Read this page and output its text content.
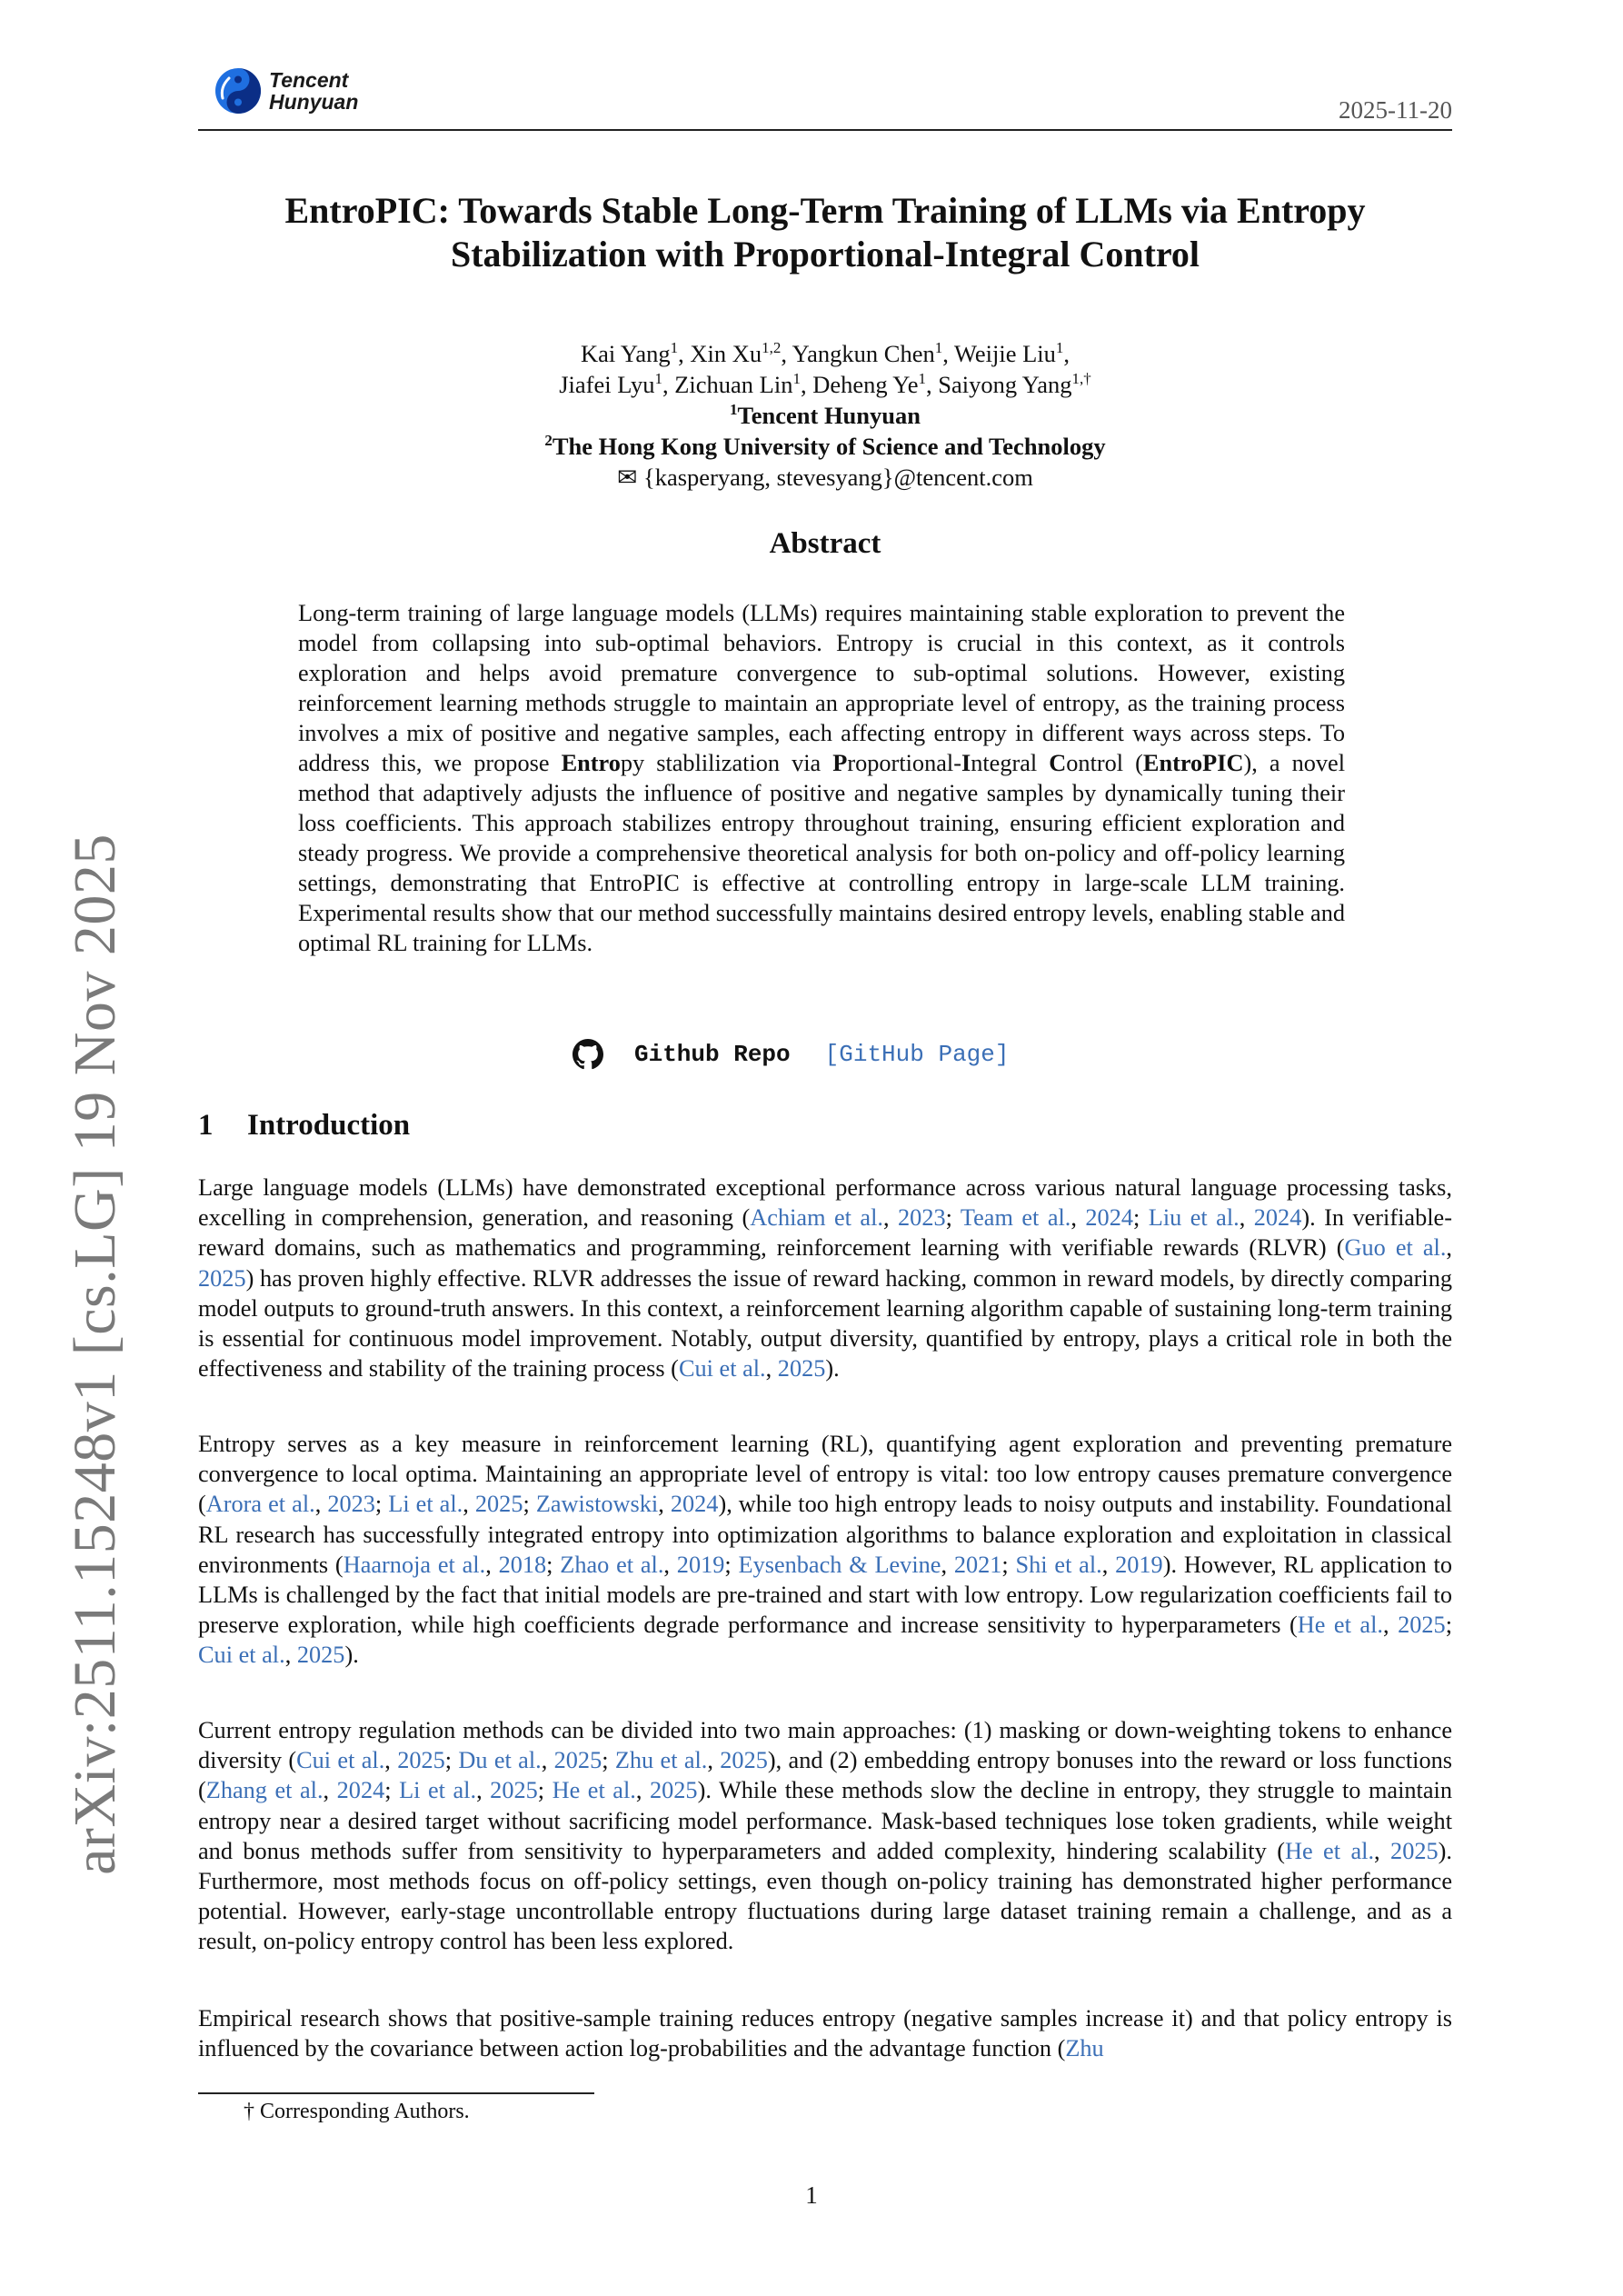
Tencent
Hunyuan	2025-11-20
arXiv:2511.15248v1 [cs.LG] 19 Nov 2025
EntroPIC: Towards Stable Long-Term Training of LLMs via Entropy
Stabilization with Proportional-Integral Control
Kai Yang$^1$, Xin Xu$^{1,2}$, Yangkun Chen$^1$, Weijie Liu$^1$,
Jiafei Lyu$^1$, Zichuan Lin$^1$, Deheng Ye$^1$, Saiyong Yang$^{1,\dagger}$
$^1$Tencent Hunyuan
$^2$The Hong Kong University of Science and Technology
✉ {kasperyang, stevesyang}@tencent.com
Abstract
Long-term training of large language models (LLMs) requires maintaining stable exploration to prevent the model from collapsing into sub-optimal behaviors. Entropy is crucial in this context, as it controls exploration and helps avoid premature convergence to sub-optimal solutions. However, existing reinforcement learning methods struggle to maintain an appropriate level of entropy, as the training process involves a mix of positive and negative samples, each affecting entropy in different ways across steps. To address this, we propose Entropy stablilization via Proportional-Integral Control (EntroPIC), a novel method that adaptively adjusts the influence of positive and negative samples by dynamically tuning their loss coefficients. This approach stabilizes entropy throughout training, ensuring efficient exploration and steady progress. We provide a comprehensive theoretical analysis for both on-policy and off-policy learning settings, demonstrating that EntroPIC is effective at controlling entropy in large-scale LLM training. Experimental results show that our method successfully maintains desired entropy levels, enabling stable and optimal RL training for LLMs.
Github Repo [GitHub Page]
1 Introduction

Large language models (LLMs) have demonstrated exceptional performance across various natural language processing tasks, excelling in comprehension, generation, and reasoning (Achiam et al., 2023; Team et al., 2024; Liu et al., 2024). In verifiable-reward domains, such as mathematics and programming, reinforcement learning with verifiable rewards (RLVR) (Guo et al., 2025) has proven highly effective. RLVR addresses the issue of reward hacking, common in reward models, by directly comparing model outputs to ground-truth answers. In this context, a reinforcement learning algorithm capable of sustaining long-term training is essential for continuous model improvement. Notably, output diversity, quantified by entropy, plays a critical role in both the effectiveness and stability of the training process (Cui et al., 2025).

Entropy serves as a key measure in reinforcement learning (RL), quantifying agent exploration and preventing premature convergence to local optima. Maintaining an appropriate level of entropy is vital: too low entropy causes premature convergence (Arora et al., 2023; Li et al., 2025; Zawistowski, 2024), while too high entropy leads to noisy outputs and instability. Foundational RL research has successfully integrated entropy into optimization algorithms to balance exploration and exploitation in classical environments (Haarnoja et al., 2018; Zhao et al., 2019; Eysenbach & Levine, 2021; Shi et al., 2019). However, RL application to LLMs is challenged by the fact that initial models are pre-trained and start with low entropy. Low regularization coefficients fail to preserve exploration, while high coefficients degrade performance and increase sensitivity to hyperparameters (He et al., 2025; Cui et al., 2025).

Current entropy regulation methods can be divided into two main approaches: (1) masking or down-weighting tokens to enhance diversity (Cui et al., 2025; Du et al., 2025; Zhu et al., 2025), and (2) embedding entropy bonuses into the reward or loss functions (Zhang et al., 2024; Li et al., 2025; He et al., 2025). While these methods slow the decline in entropy, they struggle to maintain entropy near a desired target without sacrificing model performance. Mask-based techniques lose token gradients, while weight and bonus methods suffer from sensitivity to hyperparameters and added complexity, hindering scalability (He et al., 2025). Furthermore, most methods focus on off-policy settings, even though on-policy training has demonstrated higher performance potential. However, early-stage uncontrollable entropy fluctuations during large dataset training remain a challenge, and as a result, on-policy entropy control has been less explored.

Empirical research shows that positive-sample training reduces entropy (negative samples increase it) and that policy entropy is influenced by the covariance between action log-probabilities and the advantage function (Zhu

† Corresponding Authors.
1
